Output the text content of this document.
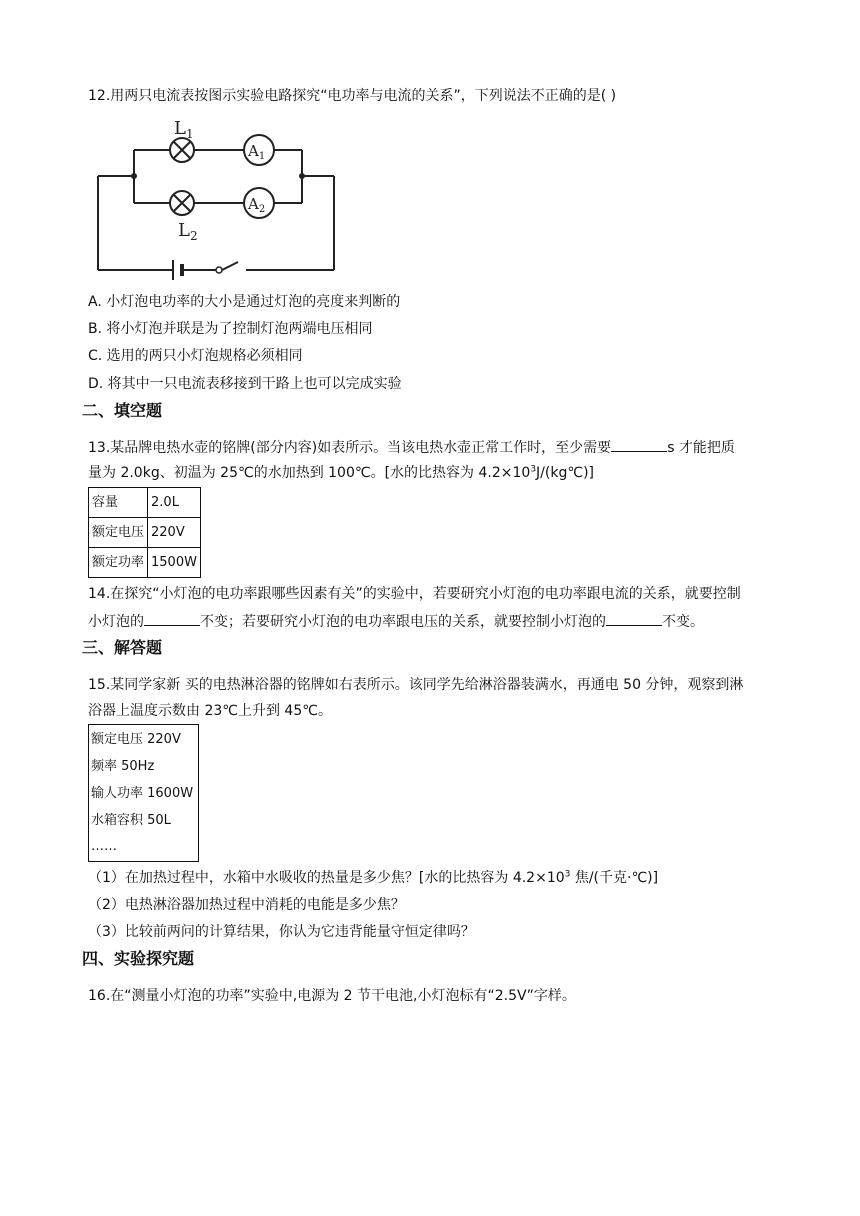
12.用两只电流表按图示实验电路探究“电功率与电流的关系”，下列说法不正确的是( )
$L_1$
$A_1$
$L_2$
$A_2$
A. 小灯泡电功率的大小是通过灯泡的亮度来判断的
B. 将小灯泡并联是为了控制灯泡两端电压相同
C. 选用的两只小灯泡规格必须相同
D. 将其中一只电流表移接到干路上也可以完成实验
二、填空题
13.某品牌电热水壶的铭牌(部分内容)如表所示。当该电热水壶正常工作时，至少需要	s 才能把质
量为 2.0kg、初温为 25℃的水加热到 100℃。[水的比热容为 $4.2\times 10^3J/(kg℃)$]
容量	2.0L
额定电压	220V
额定功率	1500W
14.在探究“小灯泡的电功率跟哪些因素有关”的实验中，若要研究小灯泡的电功率跟电流的关系，就要控制
小灯泡的	不变；若要研究小灯泡的电功率跟电压的关系，就要控制小灯泡的	不变。
三、解答题
15.某同学家新 买的电热淋浴器的铭牌如右表所示。该同学先给淋浴器装满水，再通电 50 分钟，观察到淋
浴器上温度示数由 23℃上升到 45℃。
额定电压 220V
频率 50Hz
输人功率 1600W
水箱容积 50L
……
（1）在加热过程中，水箱中水吸收的热量是多少焦？[水的比热容为 $4.2\times 10^3$ 焦/(千克·℃)]
（2）电热淋浴器加热过程中消耗的电能是多少焦？
（3）比较前两问的计算结果，你认为它违背能量守恒定律吗？
四、实验探究题
16.在“测量小灯泡的功率”实验中,电源为 2 节干电池,小灯泡标有“2.5V”字样。
